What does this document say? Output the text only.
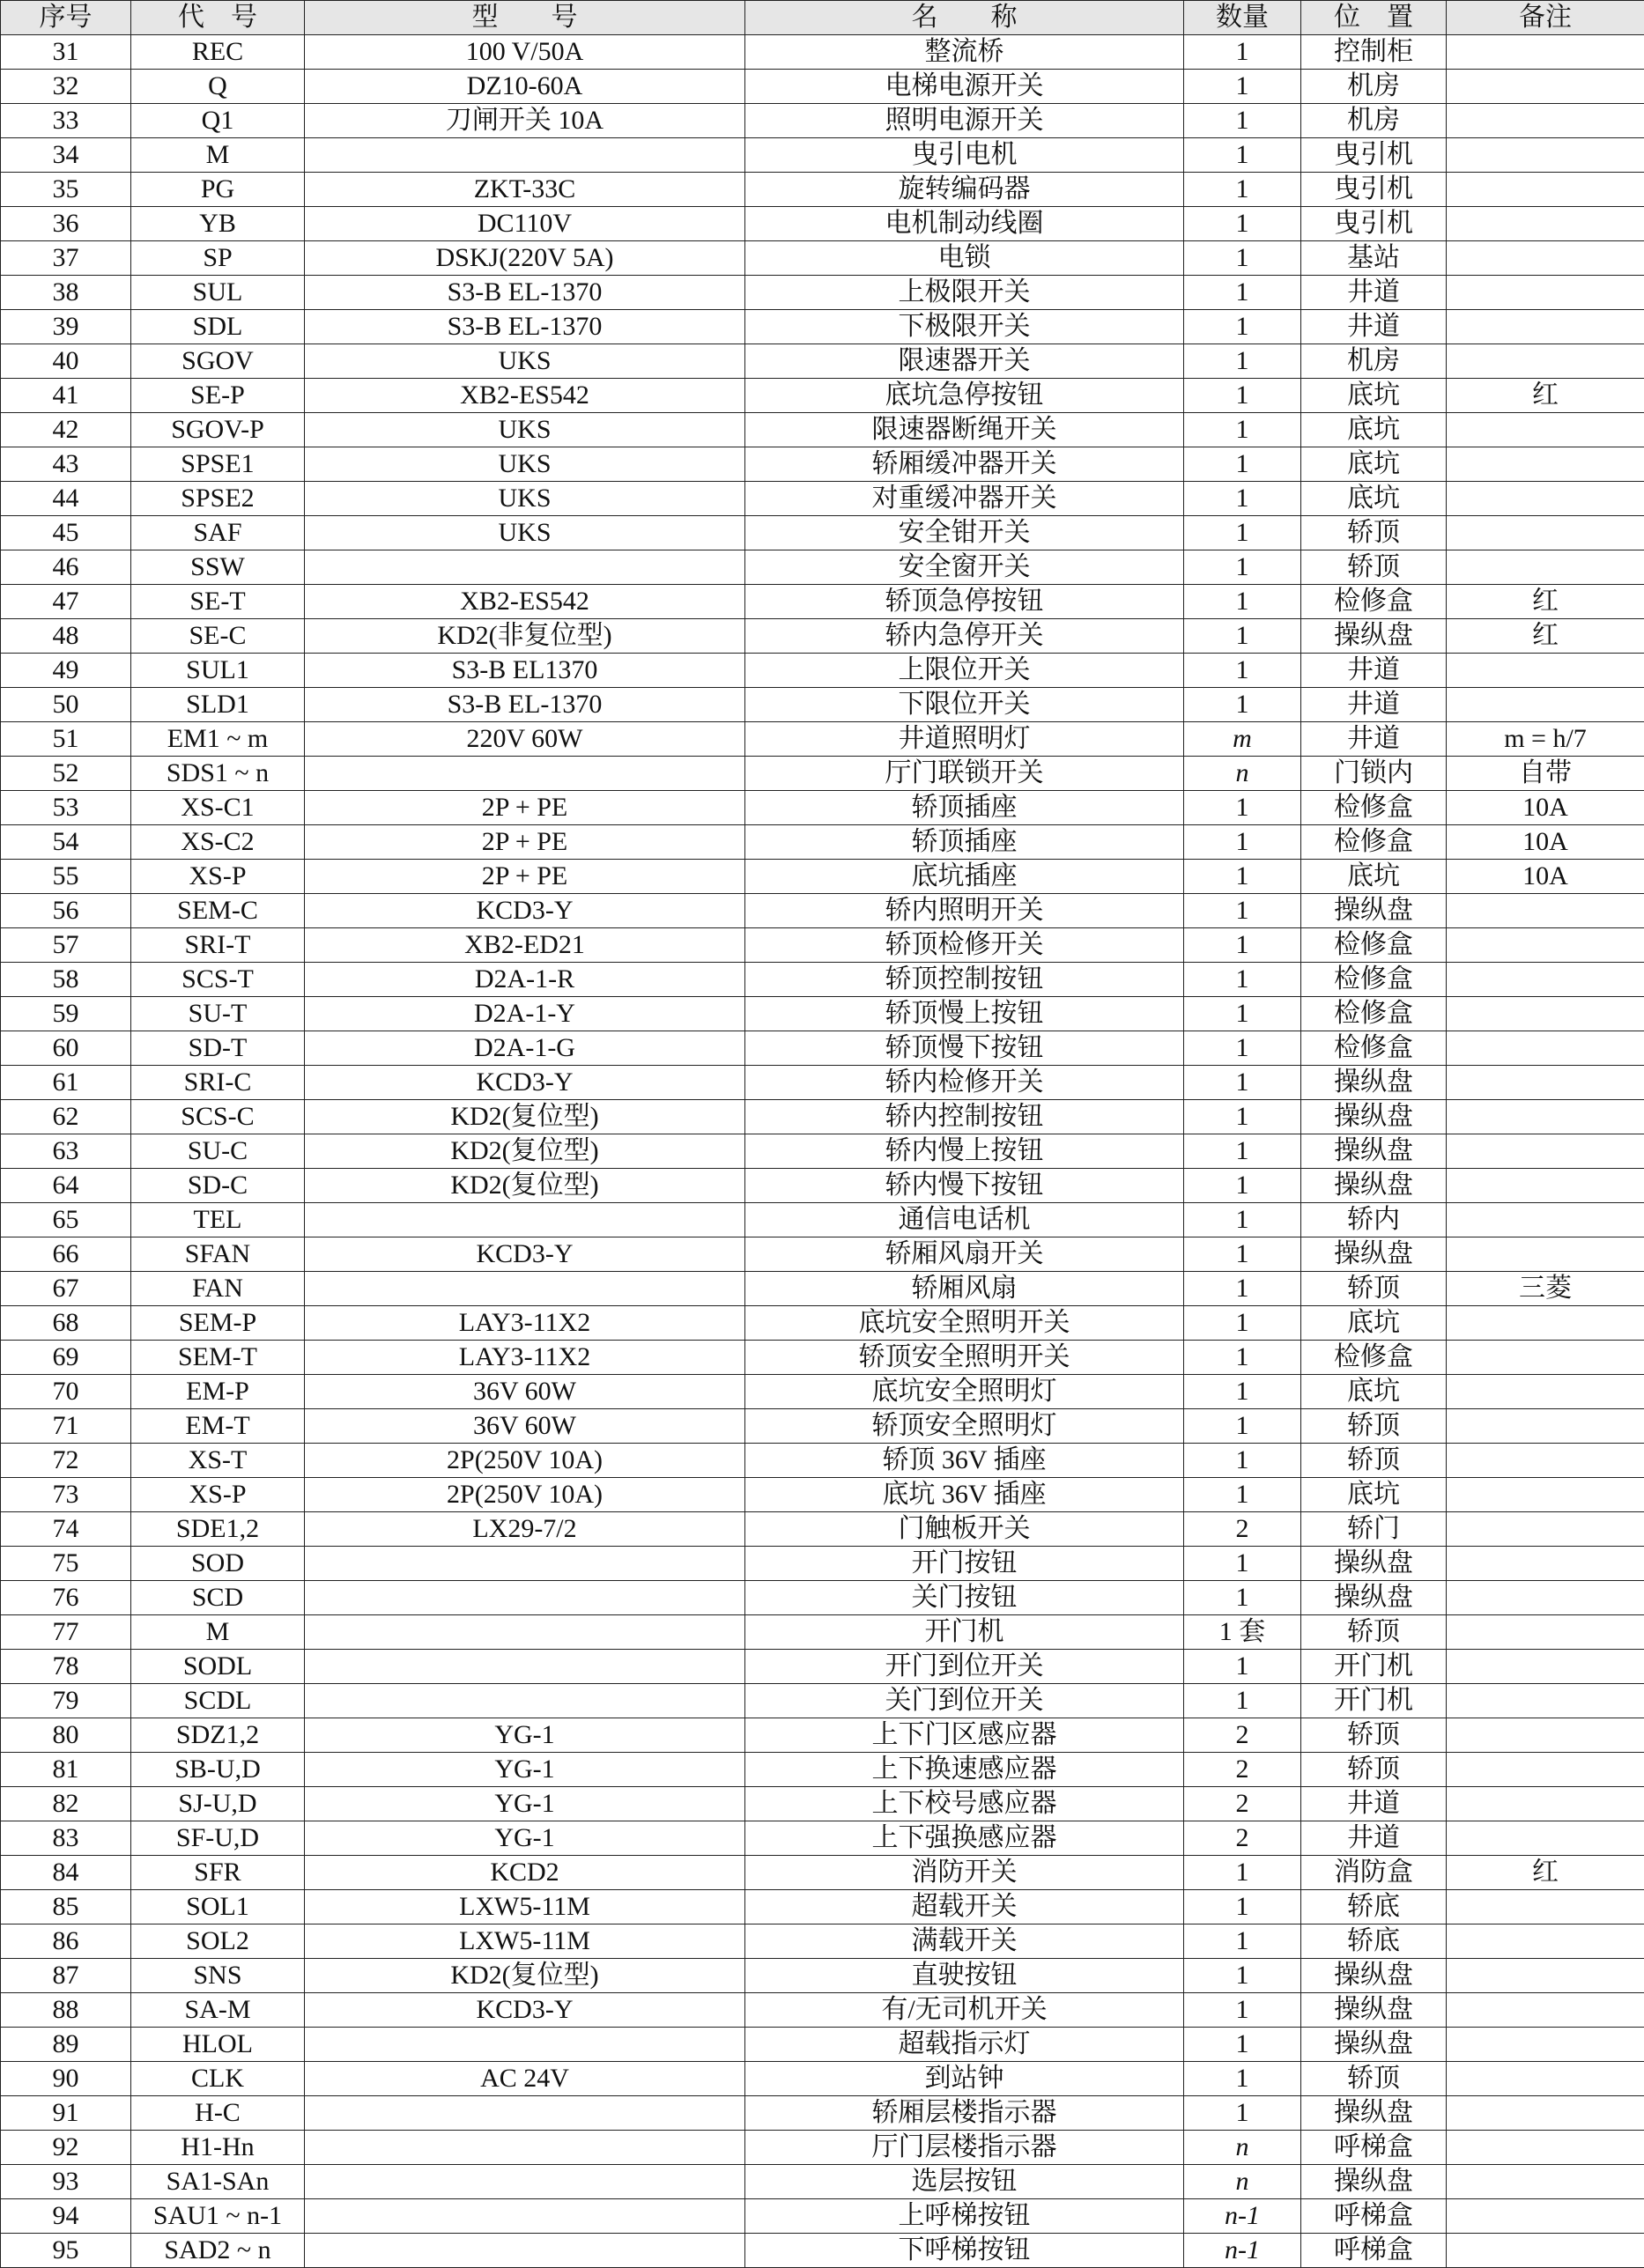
序号	代　号	型　　号	名　　称	数量	位　置	备注
31	REC	100 V/50A	整流桥	1	控制柜	
32	Q	DZ10-60A	电梯电源开关	1	机房	
33	Q1	刀闸开关 10A	照明电源开关	1	机房	
34	M		曳引电机	1	曳引机	
35	PG	ZKT-33C	旋转编码器	1	曳引机	
36	YB	DC110V	电机制动线圈	1	曳引机	
37	SP	DSKJ(220V 5A)	电锁	1	基站	
38	SUL	S3-B EL-1370	上极限开关	1	井道	
39	SDL	S3-B EL-1370	下极限开关	1	井道	
40	SGOV	UKS	限速器开关	1	机房	
41	SE-P	XB2-ES542	底坑急停按钮	1	底坑	红
42	SGOV-P	UKS	限速器断绳开关	1	底坑	
43	SPSE1	UKS	轿厢缓冲器开关	1	底坑	
44	SPSE2	UKS	对重缓冲器开关	1	底坑	
45	SAF	UKS	安全钳开关	1	轿顶	
46	SSW		安全窗开关	1	轿顶	
47	SE-T	XB2-ES542	轿顶急停按钮	1	检修盒	红
48	SE-C	KD2(非复位型)	轿内急停开关	1	操纵盘	红
49	SUL1	S3-B EL1370	上限位开关	1	井道	
50	SLD1	S3-B EL-1370	下限位开关	1	井道	
51	EM1 ~ m	220V 60W	井道照明灯	m	井道	m = h/7
52	SDS1 ~ n		厅门联锁开关	n	门锁内	自带
53	XS-C1	2P + PE	轿顶插座	1	检修盒	10A
54	XS-C2	2P + PE	轿顶插座	1	检修盒	10A
55	XS-P	2P + PE	底坑插座	1	底坑	10A
56	SEM-C	KCD3-Y	轿内照明开关	1	操纵盘	
57	SRI-T	XB2-ED21	轿顶检修开关	1	检修盒	
58	SCS-T	D2A-1-R	轿顶控制按钮	1	检修盒	
59	SU-T	D2A-1-Y	轿顶慢上按钮	1	检修盒	
60	SD-T	D2A-1-G	轿顶慢下按钮	1	检修盒	
61	SRI-C	KCD3-Y	轿内检修开关	1	操纵盘	
62	SCS-C	KD2(复位型)	轿内控制按钮	1	操纵盘	
63	SU-C	KD2(复位型)	轿内慢上按钮	1	操纵盘	
64	SD-C	KD2(复位型)	轿内慢下按钮	1	操纵盘	
65	TEL		通信电话机	1	轿内	
66	SFAN	KCD3-Y	轿厢风扇开关	1	操纵盘	
67	FAN		轿厢风扇	1	轿顶	三菱
68	SEM-P	LAY3-11X2	底坑安全照明开关	1	底坑	
69	SEM-T	LAY3-11X2	轿顶安全照明开关	1	检修盒	
70	EM-P	36V 60W	底坑安全照明灯	1	底坑	
71	EM-T	36V 60W	轿顶安全照明灯	1	轿顶	
72	XS-T	2P(250V 10A)	轿顶 36V 插座	1	轿顶	
73	XS-P	2P(250V 10A)	底坑 36V 插座	1	底坑	
74	SDE1,2	LX29-7/2	门触板开关	2	轿门	
75	SOD		开门按钮	1	操纵盘	
76	SCD		关门按钮	1	操纵盘	
77	M		开门机	1 套	轿顶	
78	SODL		开门到位开关	1	开门机	
79	SCDL		关门到位开关	1	开门机	
80	SDZ1,2	YG-1	上下门区感应器	2	轿顶	
81	SB-U,D	YG-1	上下换速感应器	2	轿顶	
82	SJ-U,D	YG-1	上下校号感应器	2	井道	
83	SF-U,D	YG-1	上下强换感应器	2	井道	
84	SFR	KCD2	消防开关	1	消防盒	红
85	SOL1	LXW5-11M	超载开关	1	轿底	
86	SOL2	LXW5-11M	满载开关	1	轿底	
87	SNS	KD2(复位型)	直驶按钮	1	操纵盘	
88	SA-M	KCD3-Y	有/无司机开关	1	操纵盘	
89	HLOL		超载指示灯	1	操纵盘	
90	CLK	AC 24V	到站钟	1	轿顶	
91	H-C		轿厢层楼指示器	1	操纵盘	
92	H1-Hn		厅门层楼指示器	n	呼梯盒	
93	SA1-SAn		选层按钮	n	操纵盘	
94	SAU1 ~ n-1		上呼梯按钮	n-1	呼梯盒	
95	SAD2 ~ n		下呼梯按钮	n-1	呼梯盒	
